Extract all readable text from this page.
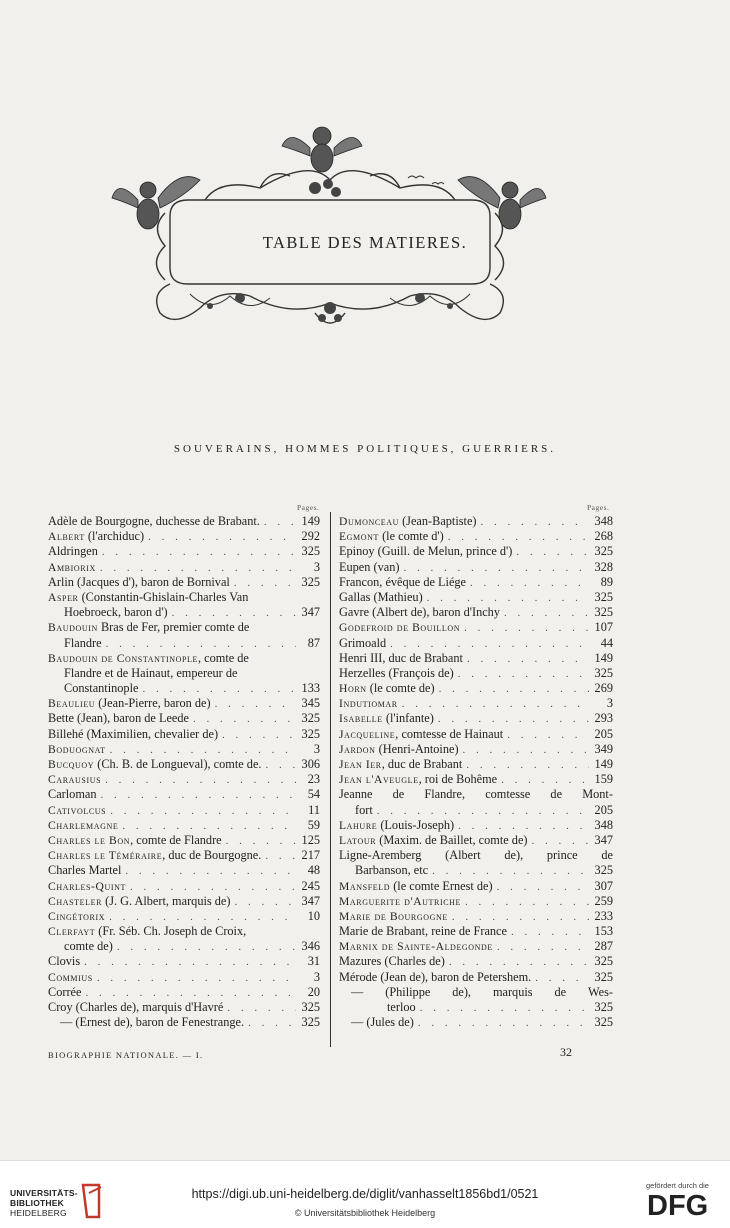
TABLE DES MATIERES.
SOUVERAINS, HOMMES POLITIQUES, GUERRIERS.
Pages.	Pages.
Adèle de Bourgogne, duchesse de Brabant. . . .	149
Albert (l'archiduc) . . .	292
Aldringen . . .	325
Ambiorix . . .	3
Arlin (Jacques d'), baron de Bornival . . .	325
Asper (Constantin-Ghislain-Charles Van
Hoebroeck, baron d') . . .	347
Baudouin Bras de Fer, premier comte de
Flandre . . .	87
Baudouin de Constantinople, comte de
Flandre et de Hainaut, empereur de
Constantinople . . .	133
Beaulieu (Jean-Pierre, baron de) . . .	345
Bette (Jean), baron de Leede . . .	325
Billehé (Maximilien, chevalier de) . . .	325
Boduognat . . .	3
Bucquoy (Ch. B. de Longueval), comte de. . . .	306
Carausius . . .	23
Carloman . . .	54
Cativolcus . . .	11
Charlemagne . . .	59
Charles le Bon, comte de Flandre . . .	125
Charles le Téméraire, duc de Bourgogne. . . .	217
Charles Martel . . .	48
Charles-Quint . . .	245
Chasteler (J. G. Albert, marquis de) . . .	347
Cingétorix . . .	10
Clerfayt (Fr. Séb. Ch. Joseph de Croix,
comte de) . . .	346
Clovis . . .	31
Commius . . .	3
Corrée . . .	20
Croy (Charles de), marquis d'Havré . . .	325
— (Ernest de), baron de Fenestrange. . . .	325
Dumonceau (Jean-Baptiste) . . .	348
Egmont (le comte d') . . .	268
Epinoy (Guill. de Melun, prince d') . . .	325
Eupen (van) . . .	328
Francon, évêque de Liége . . .	89
Gallas (Mathieu) . . .	325
Gavre (Albert de), baron d'Inchy . . .	325
Godefroid de Bouillon . . .	107
Grimoald . . .	44
Henri III, duc de Brabant . . .	149
Herzelles (François de) . . .	325
Horn (le comte de) . . .	269
Indutiomar . . .	3
Isabelle (l'infante) . . .	293
Jacqueline, comtesse de Hainaut . . .	205
Jardon (Henri-Antoine) . . .	349
Jean Ier, duc de Brabant . . .	149
Jean l'Aveugle, roi de Bohême . . .	159
Jeanne de Flandre, comtesse de Mont-
fort . . .	205
Lahure (Louis-Joseph) . . .	348
Latour (Maxim. de Baillet, comte de) . . .	347
Ligne-Aremberg (Albert de), prince de
Barbanson, etc . . .	325
Mansfeld (le comte Ernest de) . . .	307
Marguerite d'Autriche . . .	259
Marie de Bourgogne . . .	233
Marie de Brabant, reine de France . . .	153
Marnix de Sainte-Aldegonde . . .	287
Mazures (Charles de) . . .	325
Mérode (Jean de), baron de Petershem. . . .	325
— (Philippe de), marquis de Wes-
terloo . . .	325
— (Jules de) . . .	325
BIOGRAPHIE NATIONALE. — I.	32
UNIVERSITÄTS-
BIBLIOTHEK
HEIDELBERG
https://digi.ub.uni-heidelberg.de/diglit/vanhasselt1856bd1/0521
© Universitätsbibliothek Heidelberg
gefördert durch die
DFG
